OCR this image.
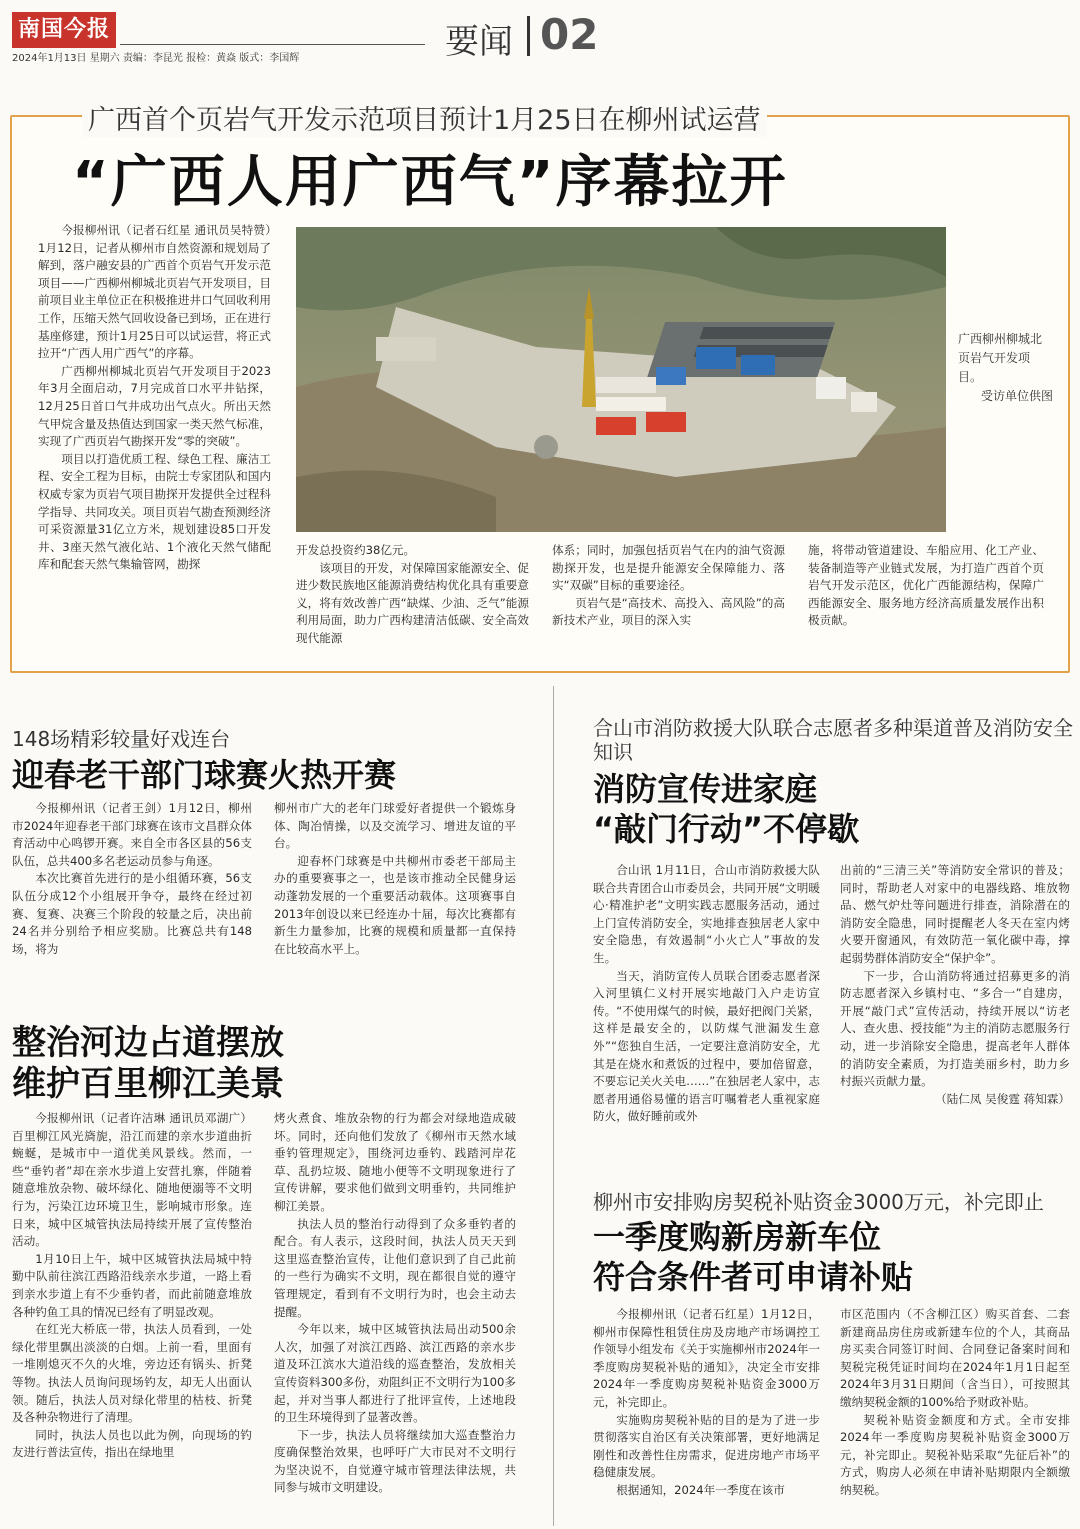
南国今报
2024年1月13日 星期六 责编：李昆光 报检：黄焱 版式：李国辉	要闻 02
广西首个页岩气开发示范项目预计1月25日在柳州试运营
“广西人用广西气”序幕拉开

今报柳州讯（记者石红星 通讯员吴特赞）1月12日，记者从柳州市自然资源和规划局了解到，落户融安县的广西首个页岩气开发示范项目——广西柳州柳城北页岩气开发项目，目前项目业主单位正在积极推进井口气回收利用工作，压缩天然气回收设备已到场，正在进行基座修建，预计1月25日可以试运营，将正式拉开“广西人用广西气”的序幕。

广西柳州柳城北页岩气开发项目于2023年3月全面启动，7月完成首口水平井钻探，12月25日首口气井成功出气点火。所出天然气甲烷含量及热值达到国家一类天然气标准，实现了广西页岩气勘探开发“零的突破”。

项目以打造优质工程、绿色工程、廉洁工程、安全工程为目标，由院士专家团队和国内权威专家为页岩气项目勘探开发提供全过程科学指导、共同攻关。项目页岩气勘查预测经济可采资源量31亿立方米，规划建设85口开发井、3座天然气液化站、1个液化天然气储配库和配套天然气集输管网，勘探

广西柳州柳城北页岩气开发项目。
受访单位供图

开发总投资约38亿元。

该项目的开发，对保障国家能源安全、促进少数民族地区能源消费结构优化具有重要意义，将有效改善广西“缺煤、少油、乏气”能源利用局面，助力广西构建清洁低碳、安全高效现代能源

体系；同时，加强包括页岩气在内的油气资源勘探开发，也是提升能源安全保障能力、落实“双碳”目标的重要途径。

页岩气是“高技术、高投入、高风险”的高新技术产业，项目的深入实

施，将带动管道建设、车船应用、化工产业、装备制造等产业链式发展，为打造广西首个页岩气开发示范区，优化广西能源结构，保障广西能源安全、服务地方经济高质量发展作出积极贡献。

148场精彩较量好戏连台
迎春老干部门球赛火热开赛

今报柳州讯（记者王剑）1月12日，柳州市2024年迎春老干部门球赛在该市文昌群众体育活动中心鸣锣开赛。来自全市各区县的56支队伍，总共400多名老运动员参与角逐。

本次比赛首先进行的是小组循环赛，56支队伍分成12个小组展开争夺，最终在经过初赛、复赛、决赛三个阶段的较量之后，决出前24名并分别给予相应奖励。比赛总共有148场，将为

柳州市广大的老年门球爱好者提供一个锻炼身体、陶冶情操，以及交流学习、增进友谊的平台。

迎春杯门球赛是中共柳州市委老干部局主办的重要赛事之一，也是该市推动全民健身运动蓬勃发展的一个重要活动载体。这项赛事自2013年创设以来已经连办十届，每次比赛都有新生力量参加，比赛的规模和质量都一直保持在比较高水平上。

整治河边占道摆放
维护百里柳江美景

今报柳州讯（记者许洁琳 通讯员邓湖广）百里柳江风光旖旎，沿江而建的亲水步道曲折蜿蜒，是城市中一道优美风景线。然而，一些“垂钓者”却在亲水步道上安营扎寨，伴随着随意堆放杂物、破坏绿化、随地便溺等不文明行为，污染江边环境卫生，影响城市形象。连日来，城中区城管执法局持续开展了宣传整治活动。

1月10日上午，城中区城管执法局城中特勤中队前往滨江西路沿线亲水步道，一路上看到亲水步道上有不少垂钓者，而此前随意堆放各种钓鱼工具的情况已经有了明显改观。

在红光大桥底一带，执法人员看到，一处绿化带里飘出淡淡的白烟。上前一看，里面有一堆刚熄灭不久的火堆，旁边还有锅头、折凳等物。执法人员询问现场钓友，却无人出面认领。随后，执法人员对绿化带里的枯枝、折凳及各种杂物进行了清理。

同时，执法人员也以此为例，向现场的钓友进行普法宣传，指出在绿地里

烤火煮食、堆放杂物的行为都会对绿地造成破坏。同时，还向他们发放了《柳州市天然水域垂钓管理规定》，围绕河边垂钓、践踏河岸花草、乱扔垃圾、随地小便等不文明现象进行了宣传讲解，要求他们做到文明垂钓，共同维护柳江美景。

执法人员的整治行动得到了众多垂钓者的配合。有人表示，这段时间，执法人员天天到这里巡查整治宣传，让他们意识到了自己此前的一些行为确实不文明，现在都很自觉的遵守管理规定，看到有不文明行为时，也会主动去提醒。

今年以来，城中区城管执法局出动500余人次，加强了对滨江西路、滨江西路的亲水步道及环江滨水大道沿线的巡查整治，发放相关宣传资料300多份，劝阻纠正不文明行为100多起，并对当事人都进行了批评宣传，上述地段的卫生环境得到了显著改善。

下一步，执法人员将继续加大巡查整治力度确保整治效果，也呼吁广大市民对不文明行为坚决说不，自觉遵守城市管理法律法规，共同参与城市文明建设。

合山市消防救援大队联合志愿者多种渠道普及消防安全知识
消防宣传进家庭
“敲门行动”不停歇

合山讯 1月11日，合山市消防救援大队联合共青团合山市委员会，共同开展“文明暖心·精准护老”文明实践志愿服务活动，通过上门宣传消防安全，实地排查独居老人家中安全隐患，有效遏制“小火亡人”事故的发生。

当天，消防宣传人员联合团委志愿者深入河里镇仁义村开展实地敲门入户走访宣传。“不使用煤气的时候，最好把阀门关紧，这样是最安全的，以防煤气泄漏发生意外”“您独自生活，一定要注意消防安全，尤其是在烧水和煮饭的过程中，要加倍留意，不要忘记关火关电……”在独居老人家中，志愿者用通俗易懂的语言叮嘱着老人重视家庭防火，做好睡前或外

出前的“三清三关”等消防安全常识的普及；同时，帮助老人对家中的电器线路、堆放物品、燃气炉灶等问题进行排查，消除潜在的消防安全隐患，同时提醒老人冬天在室内烤火要开窗通风，有效防范一氧化碳中毒，撑起弱势群体消防安全“保护伞”。

下一步，合山消防将通过招募更多的消防志愿者深入乡镇村屯、“多合一”自建房，开展“敲门式”宣传活动，持续开展以“访老人、查火患、授技能”为主的消防志愿服务行动，进一步消除安全隐患，提高老年人群体的消防安全素质，为打造美丽乡村，助力乡村振兴贡献力量。

（陆仁凤 吴俊霆 蒋知霖）

柳州市安排购房契税补贴资金3000万元，补完即止
一季度购新房新车位
符合条件者可申请补贴

今报柳州讯（记者石红星）1月12日，柳州市保障性租赁住房及房地产市场调控工作领导小组发布《关于实施柳州市2024年一季度购房契税补贴的通知》，决定全市安排2024年一季度购房契税补贴资金3000万元，补完即止。

实施购房契税补贴的目的是为了进一步贯彻落实自治区有关决策部署，更好地满足刚性和改善性住房需求，促进房地产市场平稳健康发展。

根据通知，2024年一季度在该市

市区范围内（不含柳江区）购买首套、二套新建商品房住房或新建车位的个人，其商品房买卖合同签订时间、合同登记备案时间和契税完税凭证时间均在2024年1月1日起至2024年3月31日期间（含当日），可按照其缴纳契税金额的100%给予财政补贴。

契税补贴资金额度和方式。全市安排2024年一季度购房契税补贴资金3000万元，补完即止。契税补贴采取“先征后补”的方式，购房人必须在申请补贴期限内全额缴纳契税。
